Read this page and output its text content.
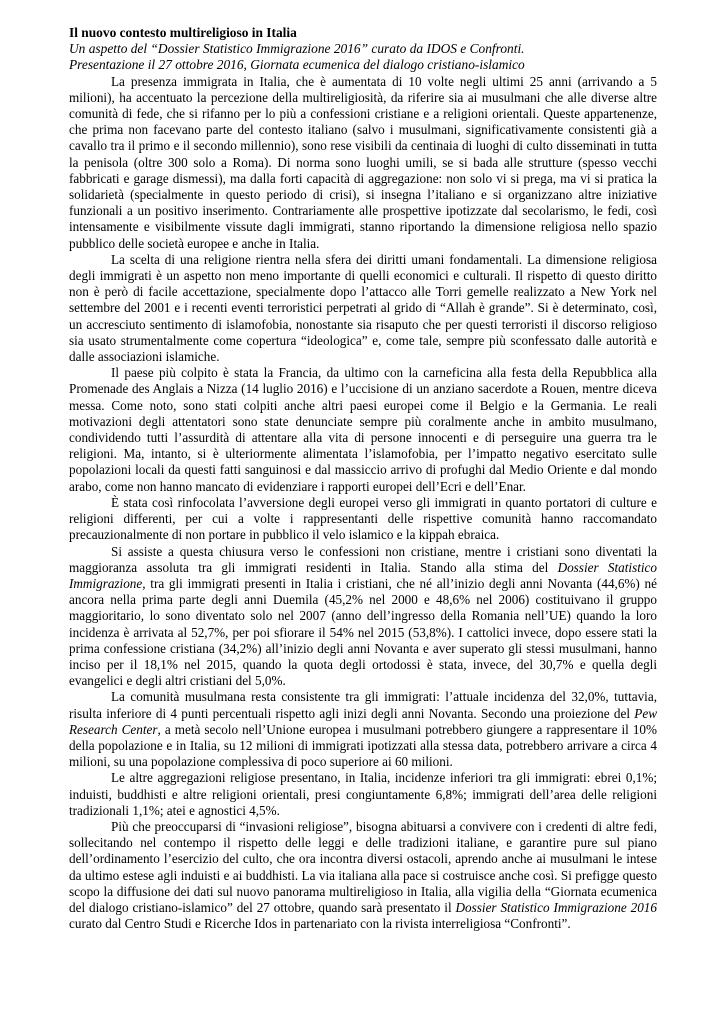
Il nuovo contesto multireligioso in Italia

Un aspetto del “Dossier Statistico Immigrazione 2016” curato da IDOS e Confronti.

Presentazione il 27 ottobre 2016, Giornata ecumenica del dialogo cristiano-islamico

La presenza immigrata in Italia, che è aumentata di 10 volte negli ultimi 25 anni (arrivando a 5 milioni), ha accentuato la percezione della multireligiosità, da riferire sia ai musulmani che alle diverse altre comunità di fede, che si rifanno per lo più a confessioni cristiane e a religioni orientali. Queste appartenenze, che prima non facevano parte del contesto italiano (salvo i musulmani, significativamente consistenti già a cavallo tra il primo e il secondo millennio), sono rese visibili da centinaia di luoghi di culto disseminati in tutta la penisola (oltre 300 solo a Roma). Di norma sono luoghi umili, se si bada alle strutture (spesso vecchi fabbricati e garage dismessi), ma dalla forti capacità di aggregazione: non solo vi si prega, ma vi si pratica la solidarietà (specialmente in questo periodo di crisi), si insegna l’italiano e si organizzano altre iniziative funzionali a un positivo inserimento. Contrariamente alle prospettive ipotizzate dal secolarismo, le fedi, così intensamente e visibilmente vissute dagli immigrati, stanno riportando la dimensione religiosa nello spazio pubblico delle società europee e anche in Italia.

La scelta di una religione rientra nella sfera dei diritti umani fondamentali. La dimensione religiosa degli immigrati è un aspetto non meno importante di quelli economici e culturali. Il rispetto di questo diritto non è però di facile accettazione, specialmente dopo l’attacco alle Torri gemelle realizzato a New York nel settembre del 2001 e i recenti eventi terroristici perpetrati al grido di “Allah è grande”. Si è determinato, così, un accresciuto sentimento di islamofobia, nonostante sia risaputo che per questi terroristi il discorso religioso sia usato strumentalmente come copertura “ideologica” e, come tale, sempre più sconfessato dalle autorità e dalle associazioni islamiche.

Il paese più colpito è stata la Francia, da ultimo con la carneficina alla festa della Repubblica alla Promenade des Anglais a Nizza (14 luglio 2016) e l’uccisione di un anziano sacerdote a Rouen, mentre diceva messa. Come noto, sono stati colpiti anche altri paesi europei come il Belgio e la Germania. Le reali motivazioni degli attentatori sono state denunciate sempre più coralmente anche in ambito musulmano, condividendo tutti l’assurdità di attentare alla vita di persone innocenti e di perseguire una guerra tra le religioni. Ma, intanto, si è ulteriormente alimentata l’islamofobia, per l’impatto negativo esercitato sulle popolazioni locali da questi fatti sanguinosi e dal massiccio arrivo di profughi dal Medio Oriente e dal mondo arabo, come non hanno mancato di evidenziare i rapporti europei dell’Ecri e dell’Enar.

È stata così rinfocolata l’avversione degli europei verso gli immigrati in quanto portatori di culture e religioni differenti, per cui a volte i rappresentanti delle rispettive comunità hanno raccomandato precauzionalmente di non portare in pubblico il velo islamico e la kippah ebraica.

Si assiste a questa chiusura verso le confessioni non cristiane, mentre i cristiani sono diventati la maggioranza assoluta tra gli immigrati residenti in Italia. Stando alla stima del Dossier Statistico Immigrazione, tra gli immigrati presenti in Italia i cristiani, che né all’inizio degli anni Novanta (44,6%) né ancora nella prima parte degli anni Duemila (45,2% nel 2000 e 48,6% nel 2006) costituivano il gruppo maggioritario, lo sono diventato solo nel 2007 (anno dell’ingresso della Romania nell’UE) quando la loro incidenza è arrivata al 52,7%, per poi sfiorare il 54% nel 2015 (53,8%). I cattolici invece, dopo essere stati la prima confessione cristiana (34,2%) all’inizio degli anni Novanta e aver superato gli stessi musulmani, hanno inciso per il 18,1% nel 2015, quando la quota degli ortodossi è stata, invece, del 30,7% e quella degli evangelici e degli altri cristiani del 5,0%.

La comunità musulmana resta consistente tra gli immigrati: l’attuale incidenza del 32,0%, tuttavia, risulta inferiore di 4 punti percentuali rispetto agli inizi degli anni Novanta. Secondo una proiezione del Pew Research Center, a metà secolo nell’Unione europea i musulmani potrebbero giungere a rappresentare il 10% della popolazione e in Italia, su 12 milioni di immigrati ipotizzati alla stessa data, potrebbero arrivare a circa 4 milioni, su una popolazione complessiva di poco superiore ai 60 milioni.

Le altre aggregazioni religiose presentano, in Italia, incidenze inferiori tra gli immigrati: ebrei 0,1%; induisti, buddhisti e altre religioni orientali, presi congiuntamente 6,8%; immigrati dell’area delle religioni tradizionali 1,1%; atei e agnostici 4,5%.

Più che preoccuparsi di “invasioni religiose”, bisogna abituarsi a convivere con i credenti di altre fedi, sollecitando nel contempo il rispetto delle leggi e delle tradizioni italiane, e garantire pure sul piano dell’ordinamento l’esercizio del culto, che ora incontra diversi ostacoli, aprendo anche ai musulmani le intese da ultimo estese agli induisti e ai buddhisti. La via italiana alla pace si costruisce anche così. Si prefigge questo scopo la diffusione dei dati sul nuovo panorama multireligioso in Italia, alla vigilia della “Giornata ecumenica del dialogo cristiano-islamico” del 27 ottobre, quando sarà presentato il Dossier Statistico Immigrazione 2016 curato dal Centro Studi e Ricerche Idos in partenariato con la rivista interreligiosa “Confronti”.
